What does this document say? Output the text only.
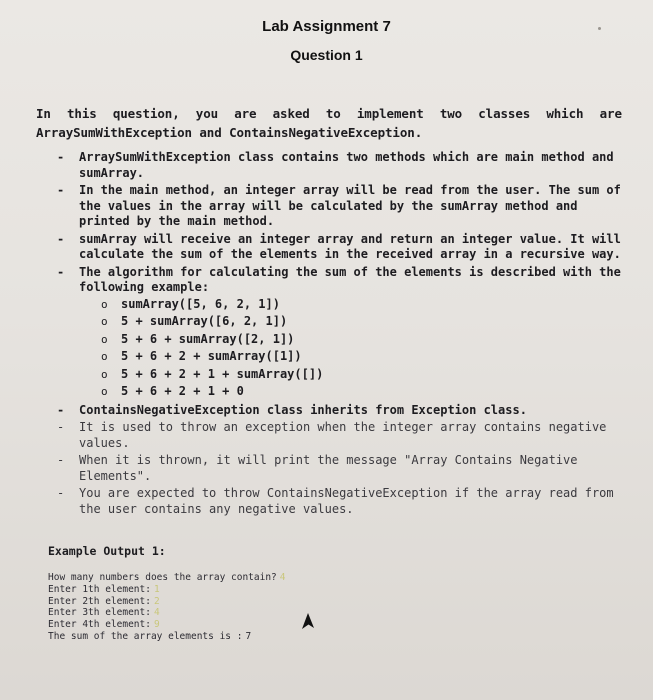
Lab Assignment 7
Question 1
In this question, you are asked to implement two classes which are
ArraySumWithException and ContainsNegativeException.
- ArraySumWithException class contains two methods which are main method and sumArray.
- In the main method, an integer array will be read from the user. The sum of the values in the array will be calculated by the sumArray method and printed by the main method.
- sumArray will receive an integer array and return an integer value. It will calculate the sum of the elements in the received array in a recursive way.
- The algorithm for calculating the sum of the elements is described with the following example:
o sumArray([5, 6, 2, 1])
o 5 + sumArray([6, 2, 1])
o 5 + 6 + sumArray([2, 1])
o 5 + 6 + 2 + sumArray([1])
o 5 + 6 + 2 + 1 + sumArray([])
o 5 + 6 + 2 + 1 + 0
- ContainsNegativeException class inherits from Exception class.
- It is used to throw an exception when the integer array contains negative values.
- When it is thrown, it will print the message "Array Contains Negative Elements".
- You are expected to throw ContainsNegativeException if the array read from the user contains any negative values.
Example Output 1:
How many numbers does the array contain? 4
Enter 1th element: 1
Enter 2th element: 2
Enter 3th element: 4
Enter 4th element: 9
The sum of the array elements is : 7
